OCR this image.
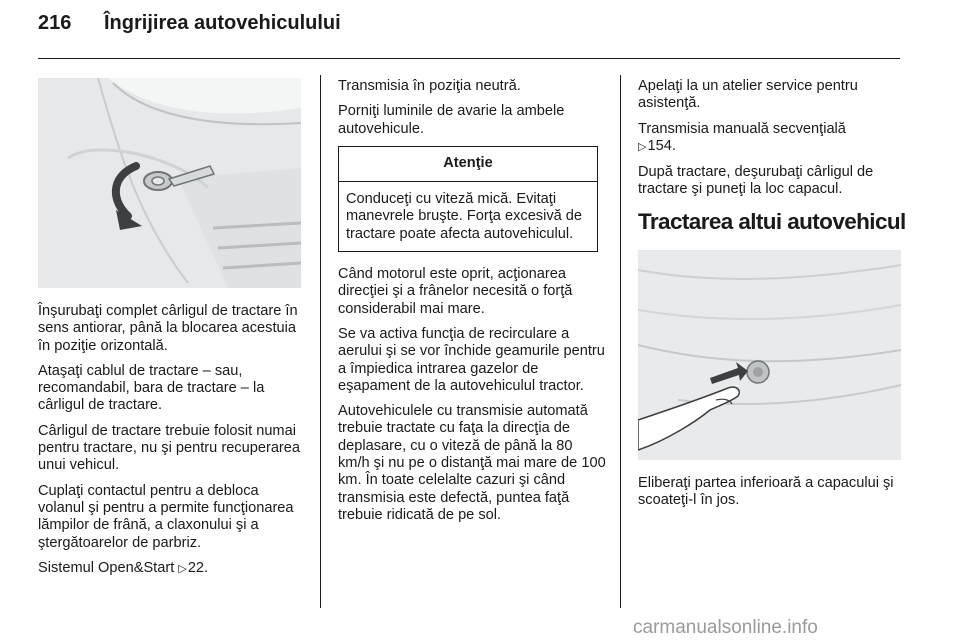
216 Îngrijirea autovehiculului

Înşurubaţi complet cârligul de tractare în sens antiorar, până la blocarea acestuia în poziţie orizontală.

Ataşaţi cablul de tractare – sau, recomandabil, bara de tractare – la cârligul de tractare.

Cârligul de tractare trebuie folosit numai pentru tractare, nu şi pentru recuperarea unui vehicul.

Cuplaţi contactul pentru a debloca volanul şi pentru a permite funcţionarea lămpilor de frână, a claxonului şi a ştergătoarelor de parbriz.

Sistemul Open&Start ▷22.

Transmisia în poziţia neutră.

Porniţi luminile de avarie la ambele autovehicule.

Atenţie
Conduceţi cu viteză mică. Evitaţi manevrele bruşte. Forţa excesivă de tractare poate afecta autovehiculul.

Când motorul este oprit, acţionarea direcţiei şi a frânelor necesită o forţă considerabil mai mare.

Se va activa funcţia de recirculare a aerului şi se vor închide geamurile pentru a împiedica intrarea gazelor de eşapament de la autovehiculul tractor.

Autovehiculele cu transmisie automată trebuie tractate cu faţa la direcţia de deplasare, cu o viteză de până la 80 km/h şi nu pe o distanţă mai mare de 100 km. În toate celelalte cazuri şi când transmisia este defectă, puntea faţă trebuie ridicată de pe sol.

Apelaţi la un atelier service pentru asistenţă.

Transmisia manuală secvenţială
▷154.

După tractare, deşurubaţi cârligul de tractare şi puneţi la loc capacul.

Tractarea altui autovehicul

Eliberaţi partea inferioară a capacului şi scoateţi-l în jos.

carmanualsonline.info
